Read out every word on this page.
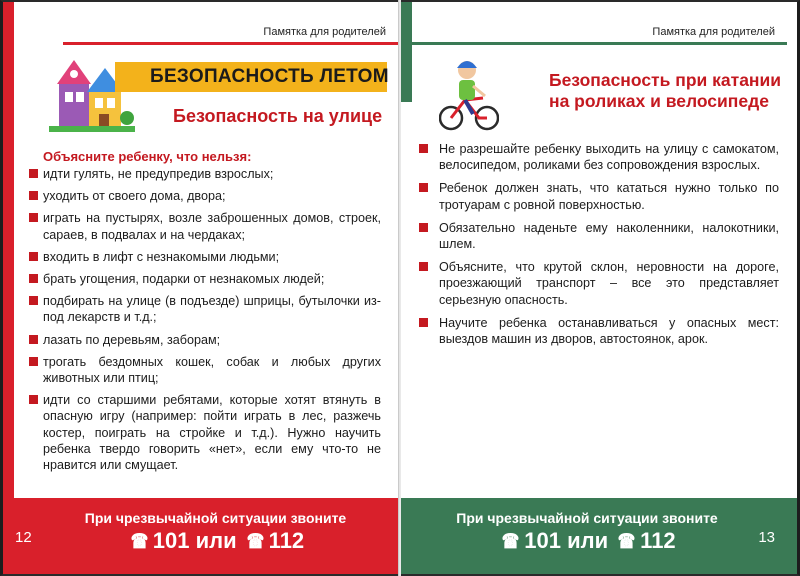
Памятка для родителей
БЕЗОПАСНОСТЬ ЛЕТОМ
Безопасность на улице
Объясните ребенку, что нельзя:
идти гулять, не предупредив взрослых;
уходить от своего дома, двора;
играть на пустырях, возле заброшенных домов, строек, сараев, в подвалах и на чердаках;
входить в лифт с незнакомыми людьми;
брать угощения, подарки от незнакомых людей;
подбирать на улице (в подъезде) шприцы, бутылочки из-под лекарств и т.д.;
лазать по деревьям, заборам;
трогать бездомных кошек, собак и любых других животных или птиц;
идти со старшими ребятами, которые хотят втянуть в опасную игру (например: пойти играть в лес, разжечь костер, поиграть на стройке и т.д.). Нужно научить ребенка твердо говорить «нет», если ему что-то не нравится или смущает.
При чрезвычайной ситуации звоните
☎ 101 или ☎ 112
12
Памятка для родителей
Безопасность при катании
на роликах и велосипеде
Не разрешайте ребенку выходить на улицу с самокатом, велосипедом, роликами без сопровождения взрослых.
Ребенок должен знать, что кататься нужно только по тротуарам с ровной поверхностью.
Обязательно наденьте ему наколенники, налокотники, шлем.
Объясните, что крутой склон, неровности на дороге, проезжающий транспорт – все это представляет серьезную опасность.
Научите ребенка останавливаться у опасных мест: выездов машин из дворов, автостоянок, арок.
При чрезвычайной ситуации звоните
☎ 101 или ☎ 112	13
